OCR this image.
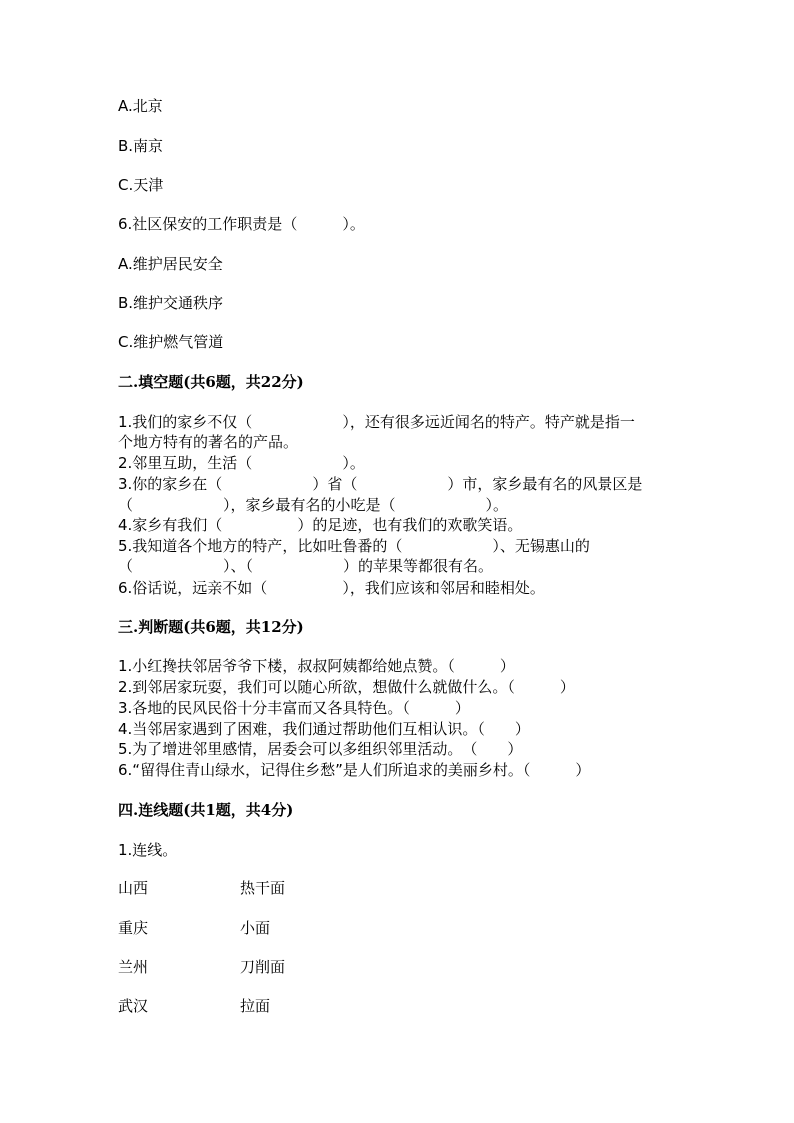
A.北京
B.南京
C.天津
6.社区保安的工作职责是（　　　）。
A.维护居民安全
B.维护交通秩序
C.维护燃气管道
二.填空题(共6题，共22分)
1.我们的家乡不仅（　　　　　　），还有很多远近闻名的特产。特产就是指一
个地方特有的著名的产品。
2.邻里互助，生活（　　　　　　）。
3.你的家乡在（　　　　　　）省（　　　　　　）市，家乡最有名的风景区是
（　　　　　　），家乡最有名的小吃是（　　　　　　）。
4.家乡有我们（　　　　　）的足迹，也有我们的欢歌笑语。
5.我知道各个地方的特产，比如吐鲁番的（　　　　　　）、无锡惠山的
（　　　　　　）、（　　　　　　）的苹果等都很有名。
6.俗话说，远亲不如（　　　　　），我们应该和邻居和睦相处。
三.判断题(共6题，共12分)
1.小红搀扶邻居爷爷下楼，叔叔阿姨都给她点赞。（　　　）
2.到邻居家玩耍，我们可以随心所欲，想做什么就做什么。（　　　）
3.各地的民风民俗十分丰富而又各具特色。（　　　）
4.当邻居家遇到了困难，我们通过帮助他们互相认识。（　　）
5.为了增进邻里感情，居委会可以多组织邻里活动。　（　　）
6.“留得住青山绿水，记得住乡愁”是人们所追求的美丽乡村。（　　　）
四.连线题(共1题，共4分)
1.连线。
山西	热干面
重庆	小面
兰州	刀削面
武汉	拉面
